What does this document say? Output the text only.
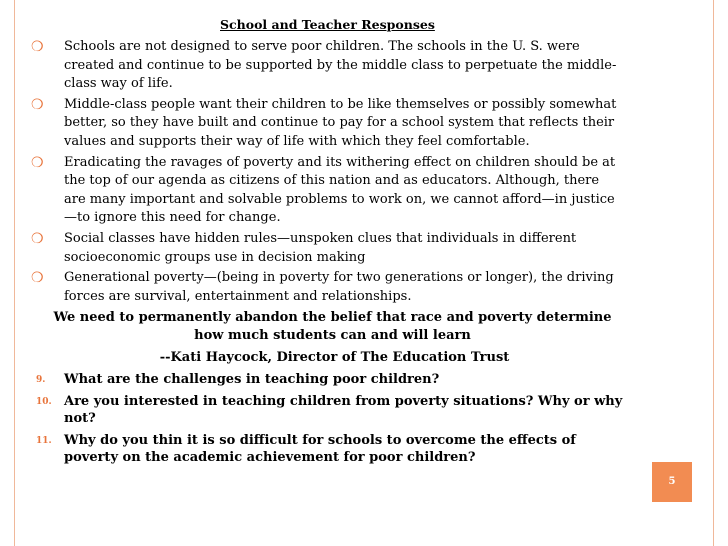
School and Teacher Responses
❍ Schools are not designed to serve poor children. The schools in the U. S. were created and continue to be supported by the middle class to perpetuate the middle-class way of life.
❍ Middle-class people want their children to be like themselves or possibly somewhat better, so they have built and continue to pay for a school system that reflects their values and supports their way of life with which they feel comfortable.
❍ Eradicating the ravages of poverty and its withering effect on children should be at the top of our agenda as citizens of this nation and as educators. Although, there are many important and solvable problems to work on, we cannot afford—in justice—to ignore this need for change.
❍ Social classes have hidden rules—unspoken clues that individuals in different socioeconomic groups use in decision making
❍ Generational poverty—(being in poverty for two generations or longer), the driving forces are survival, entertainment and relationships.
We need to permanently abandon the belief that race and poverty determine how much students can and will learn
--Kati Haycock, Director of The Education Trust
9. What are the challenges in teaching poor children?
10. Are you interested in teaching children from poverty situations? Why or why not?
11. Why do you thin it is so difficult for schools to overcome the effects of poverty on the academic achievement for poor children?
5
